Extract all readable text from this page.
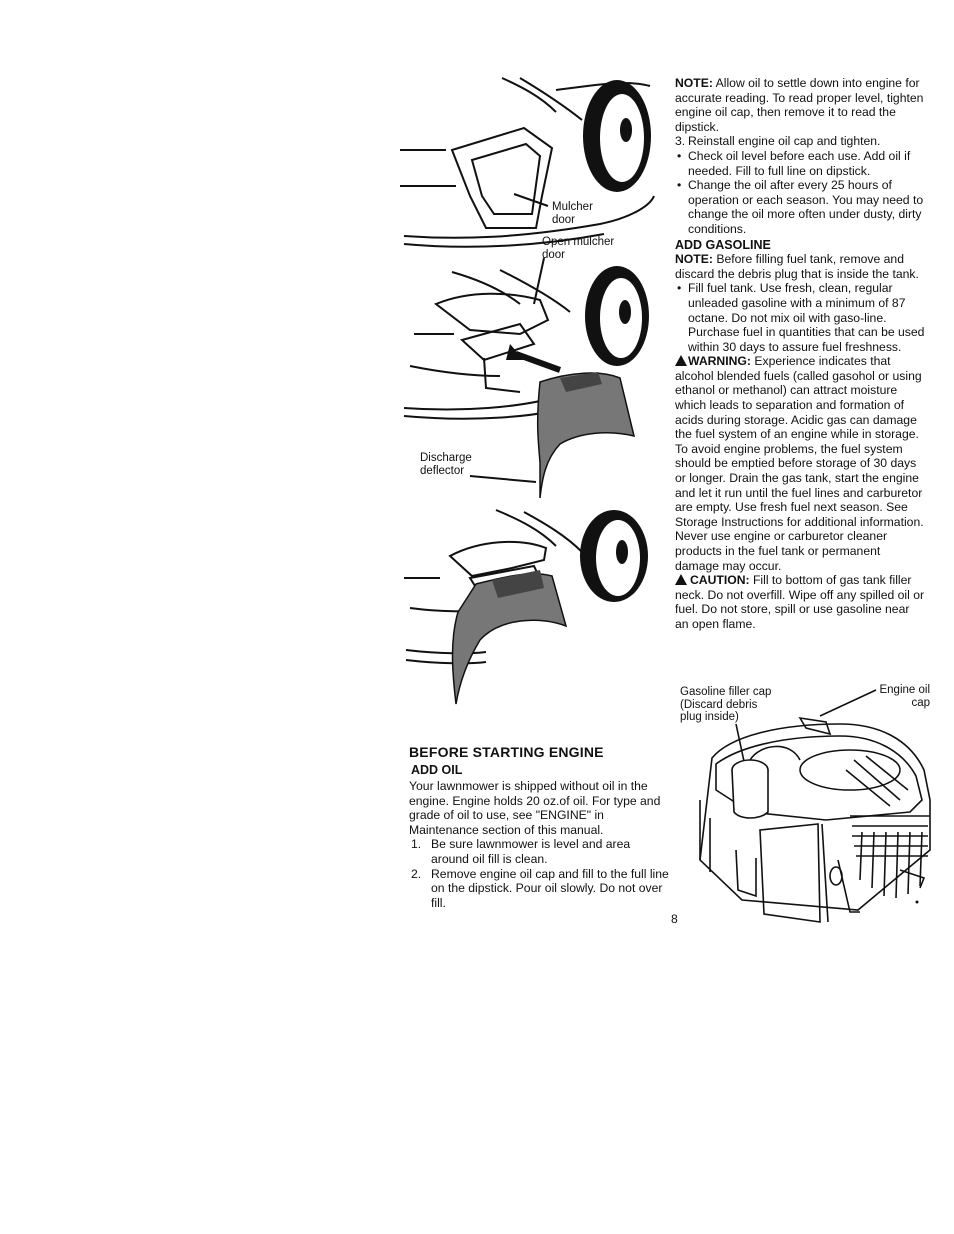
Mulcher
door
Open mulcher
door
Discharge
deflector
BEFORE STARTING ENGINE
ADD OIL
Your lawnmower is shipped without oil in the engine. Engine holds 20 oz.of oil. For type and grade of oil to use, see "ENGINE" in Maintenance section of this manual.
1. Be sure lawnmower is level and area around oil fill is clean.
2. Remove engine oil cap and fill to the full line on the dipstick. Pour oil slowly. Do not over fill.
NOTE: Allow oil to settle down into engine for accurate reading. To read proper level, tighten engine oil cap, then remove it to read the dipstick.
3. Reinstall engine oil cap and tighten.
• Check oil level before each use. Add oil if needed. Fill to full line on dipstick.
• Change the oil after every 25 hours of operation or each season. You may need to change the oil more often under dusty, dirty conditions.
ADD GASOLINE
NOTE: Before filling fuel tank, remove and discard the debris plug that is inside the tank.
• Fill fuel tank. Use fresh, clean, regular unleaded gasoline with a minimum of 87 octane. Do not mix oil with gaso-line. Purchase fuel in quantities that can be used within 30 days to assure fuel freshness.
WARNING: Experience indicates that alcohol blended fuels (called gasohol or using ethanol or methanol) can attract moisture which leads to separation and formation of acids during storage. Acidic gas can damage the fuel system of an engine while in storage. To avoid engine problems, the fuel system should be emptied before storage of 30 days or longer. Drain the gas tank, start the engine and let it run until the fuel lines and carburetor are empty. Use fresh fuel next season. See Storage Instructions for additional information. Never use engine or carburetor cleaner products in the fuel tank or permanent damage may occur.
CAUTION: Fill to bottom of gas tank filler neck. Do not overfill. Wipe off any spilled oil or fuel. Do not store, spill or use gasoline near an open flame.
Gasoline filler cap
(Discard debris
plug inside)
Engine oil
cap
8
